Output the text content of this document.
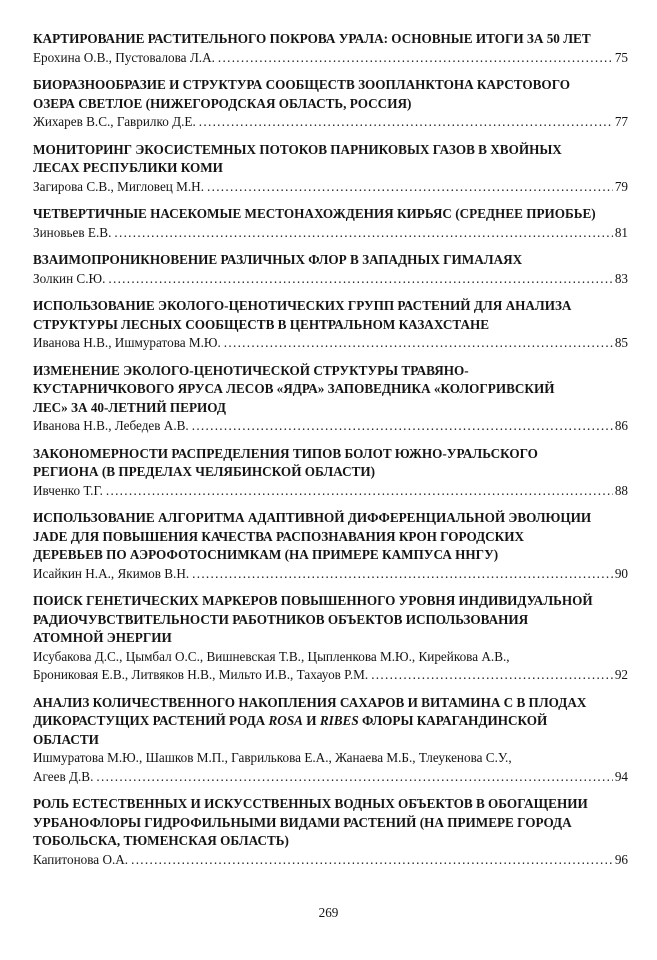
КАРТИРОВАНИЕ РАСТИТЕЛЬНОГО ПОКРОВА УРАЛА: ОСНОВНЫЕ ИТОГИ ЗА 50 ЛЕТ
Ерохина О.В., Пустовалова Л.А. .....	75
БИОРАЗНООБРАЗИЕ И СТРУКТУРА СООБЩЕСТВ ЗООПЛАНКТОНА КАРСТОВОГО
ОЗЕРА СВЕТЛОЕ (НИЖЕГОРОДСКАЯ ОБЛАСТЬ, РОССИЯ)
Жихарев В.С., Гаврилко Д.Е. .....	77
МОНИТОРИНГ ЭКОСИСТЕМНЫХ ПОТОКОВ ПАРНИКОВЫХ ГАЗОВ В ХВОЙНЫХ
ЛЕСАХ РЕСПУБЛИКИ КОМИ
Загирова С.В., Мигловец М.Н. .....	79
ЧЕТВЕРТИЧНЫЕ НАСЕКОМЫЕ МЕСТОНАХОЖДЕНИЯ КИРЬЯС (СРЕДНЕЕ ПРИОБЬЕ)
Зиновьев Е.В. .....	81
ВЗАИМОПРОНИКНОВЕНИЕ РАЗЛИЧНЫХ ФЛОР В ЗАПАДНЫХ ГИМАЛАЯХ
Золкин С.Ю. .....	83
ИСПОЛЬЗОВАНИЕ ЭКОЛОГО-ЦЕНОТИЧЕСКИХ ГРУПП РАСТЕНИЙ ДЛЯ АНАЛИЗА
СТРУКТУРЫ ЛЕСНЫХ СООБЩЕСТВ В ЦЕНТРАЛЬНОМ КАЗАХСТАНЕ
Иванова Н.В., Ишмуратова М.Ю. .....	85
ИЗМЕНЕНИЕ ЭКОЛОГО-ЦЕНОТИЧЕСКОЙ СТРУКТУРЫ ТРАВЯНО-
КУСТАРНИЧКОВОГО ЯРУСА ЛЕСОВ «ЯДРА» ЗАПОВЕДНИКА «КОЛОГРИВСКИЙ
ЛЕС» ЗА 40-ЛЕТНИЙ ПЕРИОД
Иванова Н.В., Лебедев А.В. .....	86
ЗАКОНОМЕРНОСТИ РАСПРЕДЕЛЕНИЯ ТИПОВ БОЛОТ ЮЖНО-УРАЛЬСКОГО
РЕГИОНА (В ПРЕДЕЛАХ ЧЕЛЯБИНСКОЙ ОБЛАСТИ)
Ивченко Т.Г. .....	88
ИСПОЛЬЗОВАНИЕ АЛГОРИТМА АДАПТИВНОЙ ДИФФЕРЕНЦИАЛЬНОЙ ЭВОЛЮЦИИ
JADE ДЛЯ ПОВЫШЕНИЯ КАЧЕСТВА РАСПОЗНАВАНИЯ КРОН ГОРОДСКИХ
ДЕРЕВЬЕВ ПО АЭРОФОТОСНИМКАМ (НА ПРИМЕРЕ КАМПУСА ННГУ)
Исайкин Н.А., Якимов В.Н. .....	90
ПОИСК ГЕНЕТИЧЕСКИХ МАРКЕРОВ ПОВЫШЕННОГО УРОВНЯ ИНДИВИДУАЛЬНОЙ
РАДИОЧУВСТВИТЕЛЬНОСТИ РАБОТНИКОВ ОБЪЕКТОВ ИСПОЛЬЗОВАНИЯ
АТОМНОЙ ЭНЕРГИИ
Исубакова Д.С., Цымбал О.С., Вишневская Т.В., Цыпленкова М.Ю., Кирейкова А.В.,
Брониковая Е.В., Литвяков Н.В., Мильто И.В., Тахауов Р.М. .....	92
АНАЛИЗ КОЛИЧЕСТВЕННОГО НАКОПЛЕНИЯ САХАРОВ И ВИТАМИНА С В ПЛОДАХ
ДИКОРАСТУЩИХ РАСТЕНИЙ РОДА ROSA И RIBES ФЛОРЫ КАРАГАНДИНСКОЙ
ОБЛАСТИ
Ишмуратова М.Ю., Шашков М.П., Гаврилькова Е.А., Жанаева М.Б., Тлеукенова С.У.,
Агеев Д.В. .....	94
РОЛЬ ЕСТЕСТВЕННЫХ И ИСКУССТВЕННЫХ ВОДНЫХ ОБЪЕКТОВ В ОБОГАЩЕНИИ
УРБАНОФЛОРЫ ГИДРОФИЛЬНЫМИ ВИДАМИ РАСТЕНИЙ (НА ПРИМЕРЕ ГОРОДА
ТОБОЛЬСКА, ТЮМЕНСКАЯ ОБЛАСТЬ)
Капитонова О.А. .....	96
269
